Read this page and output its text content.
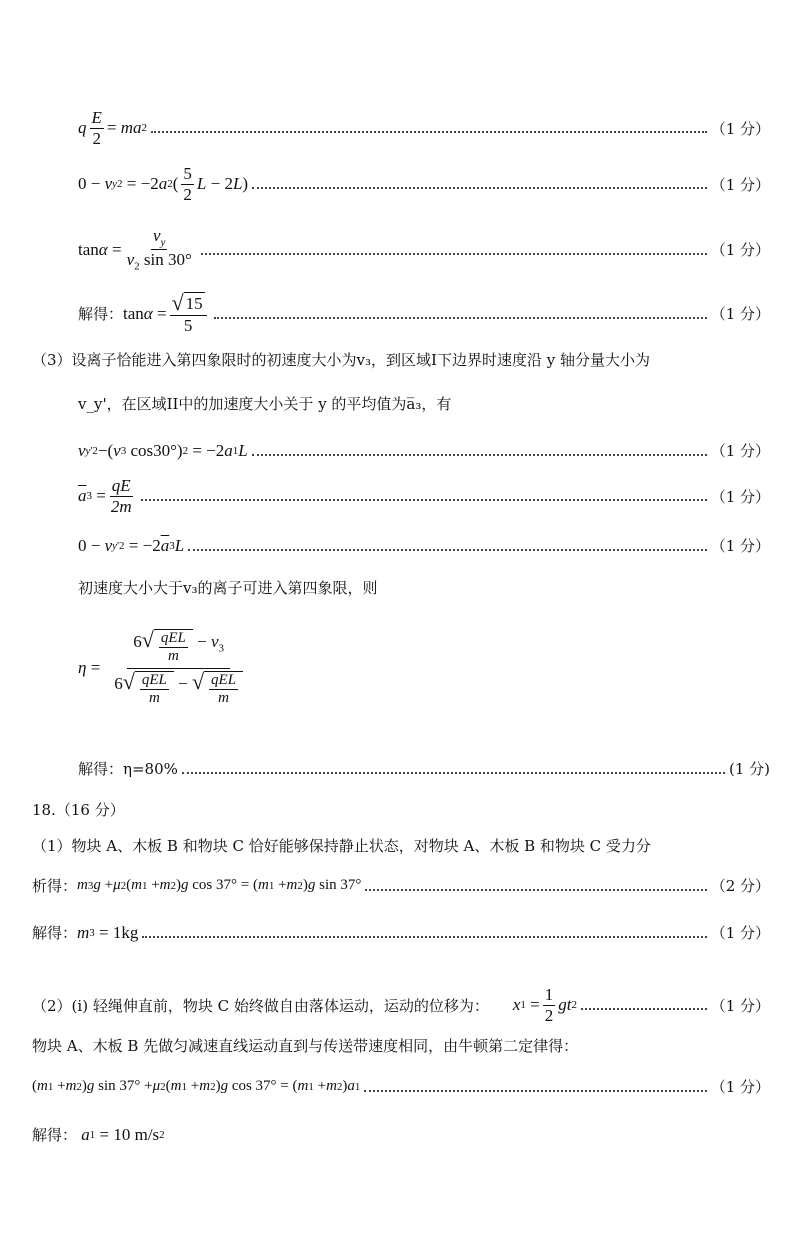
q $\frac{E}{2}$ = ma 2	（1 分）
0 − v y 2 = −2 a 2 ( $\frac{5}{2}$ L − 2 L )	（1 分）
$\tan \alpha = \frac{v_y}{v_2 \sin 30^\circ}$	（1 分）
解得： $\tan \alpha = \frac{√ 15}{5}$	（1 分）
（3）设离子恰能进入第四象限时的初速度大小为v₃，到区域I下边界时速度沿 y 轴分量大小为
v_y'，在区域II中的加速度大小关于 y 的平均值为a̅₃，有
v y '2 −( v 3 cos30°) 2 = −2 a 1 L	（1 分）
$\overline{a}$ $3 = \frac{qE}{2m}$	（1 分）
0 − v y '2 = −2 $\overline{a}$ 3 L	（1 分）
初速度大小大于v₃的离子可进入第四象限，则
$\eta = \frac{6 √ \frac{\text{qEL}}{m} - v_3}{6 √ \frac{\text{qEL}}{m} - √ \frac{\text{qEL}}{m}}$
解得：η=80%	(1 分)
18.（16 分）
（1）物块 A、木板 B 和物块 C 恰好能够保持静止状态，对物块 A、木板 B 和物块 C 受力分
析得： m 3 g + μ 2 ( m 1 + m 2 ) g cos 37° = ( m 1 + m 2 ) g sin 37°	（2 分）
解得： m 3 = 1kg	（1 分）
（2）(i) 轻绳伸直前，物块 C 始终做自由落体运动，运动的位移为： x $1 = \frac{1}{2}$ gt 2	（1 分）
物块 A、木板 B 先做匀减速直线运动直到与传送带速度相同，由牛顿第二定律得：
( m 1 + m 2 ) g sin 37° + μ 2 ( m 1 + m 2 ) g cos 37° = ( m 1 + m 2 ) a 1	（1 分）
解得：
a 1 = 10 m/s 2
